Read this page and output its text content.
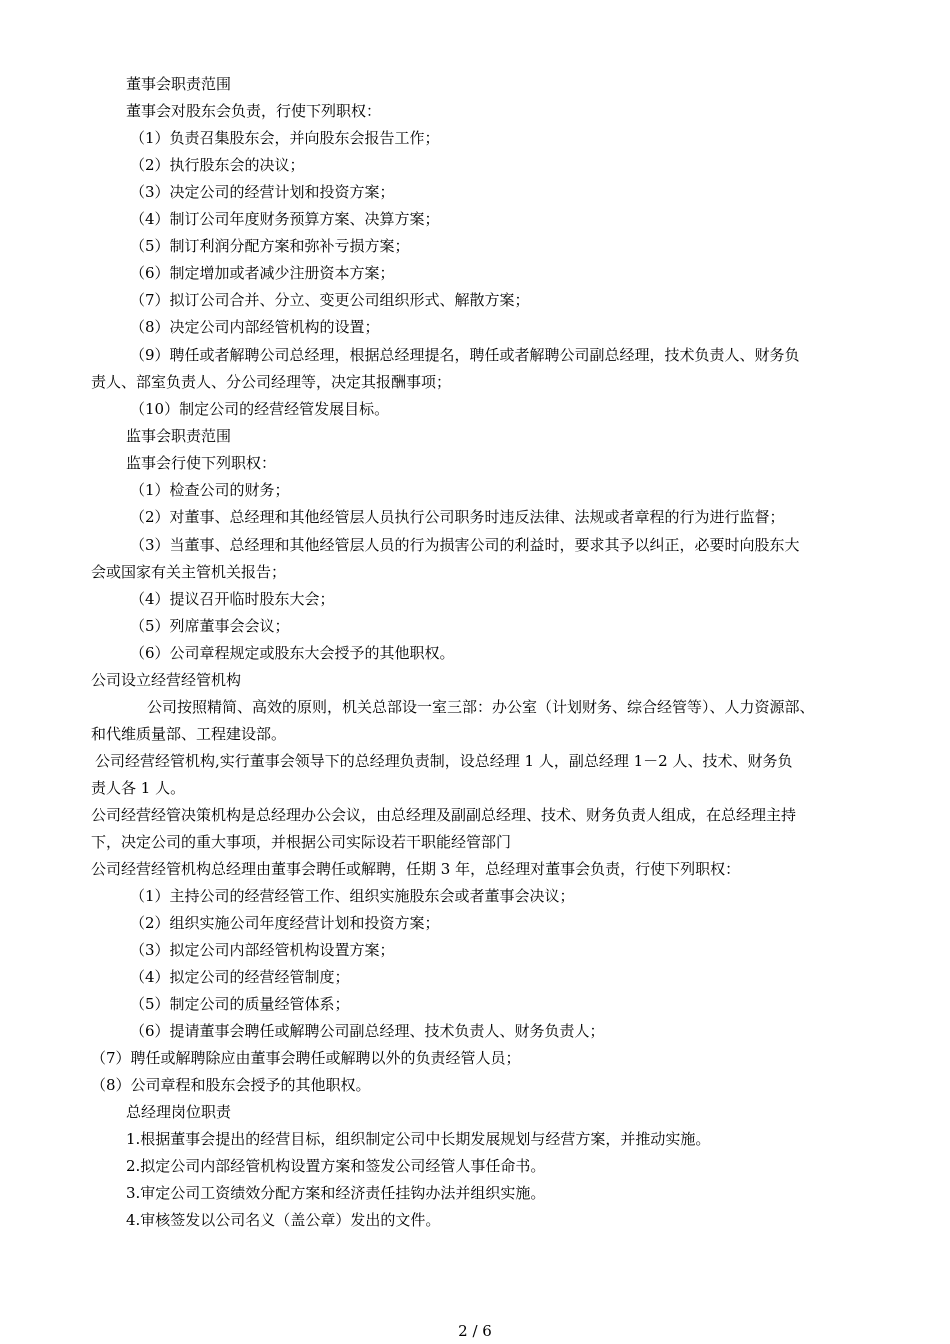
董事会职责范围
董事会对股东会负责，行使下列职权：
（1）负责召集股东会，并向股东会报告工作；
（2）执行股东会的决议；
（3）决定公司的经营计划和投资方案；
（4）制订公司年度财务预算方案、决算方案；
（5）制订利润分配方案和弥补亏损方案；
（6）制定增加或者减少注册资本方案；
（7）拟订公司合并、分立、变更公司组织形式、解散方案；
（8）决定公司内部经管机构的设置；
（9）聘任或者解聘公司总经理，根据总经理提名，聘任或者解聘公司副总经理，技术负责人、财务负
责人、部室负责人、分公司经理等，决定其报酬事项；
（10）制定公司的经营经管发展目标。
监事会职责范围
监事会行使下列职权：
（1）检查公司的财务；
（2）对董事、总经理和其他经管层人员执行公司职务时违反法律、法规或者章程的行为进行监督；
（3）当董事、总经理和其他经管层人员的行为损害公司的利益时，要求其予以纠正，必要时向股东大
会或国家有关主管机关报告；
（4）提议召开临时股东大会；
（5）列席董事会会议；
（6）公司章程规定或股东大会授予的其他职权。
公司设立经营经管机构
公司按照精简、高效的原则，机关总部设一室三部：办公室（计划财务、综合经管等）、人力资源部、
和代维质量部、工程建设部。
公司经营经管机构,实行董事会领导下的总经理负责制，设总经理 1 人，副总经理 1－2 人、技术、财务负
责人各 1 人。
公司经营经管决策机构是总经理办公会议，由总经理及副副总经理、技术、财务负责人组成，在总经理主持
下，决定公司的重大事项，并根据公司实际设若干职能经管部门
公司经营经管机构总经理由董事会聘任或解聘，任期 3 年，总经理对董事会负责，行使下列职权：
（1）主持公司的经营经管工作、组织实施股东会或者董事会决议；
（2）组织实施公司年度经营计划和投资方案；
（3）拟定公司内部经管机构设置方案；
（4）拟定公司的经营经管制度；
（5）制定公司的质量经管体系；
（6）提请董事会聘任或解聘公司副总经理、技术负责人、财务负责人；
（7）聘任或解聘除应由董事会聘任或解聘以外的负责经管人员；
（8）公司章程和股东会授予的其他职权。
总经理岗位职责
1.根据董事会提出的经营目标，组织制定公司中长期发展规划与经营方案，并推动实施。
2.拟定公司内部经管机构设置方案和签发公司经管人事任命书。
3.审定公司工资绩效分配方案和经济责任挂钩办法并组织实施。
4.审核签发以公司名义（盖公章）发出的文件。
2 / 6
